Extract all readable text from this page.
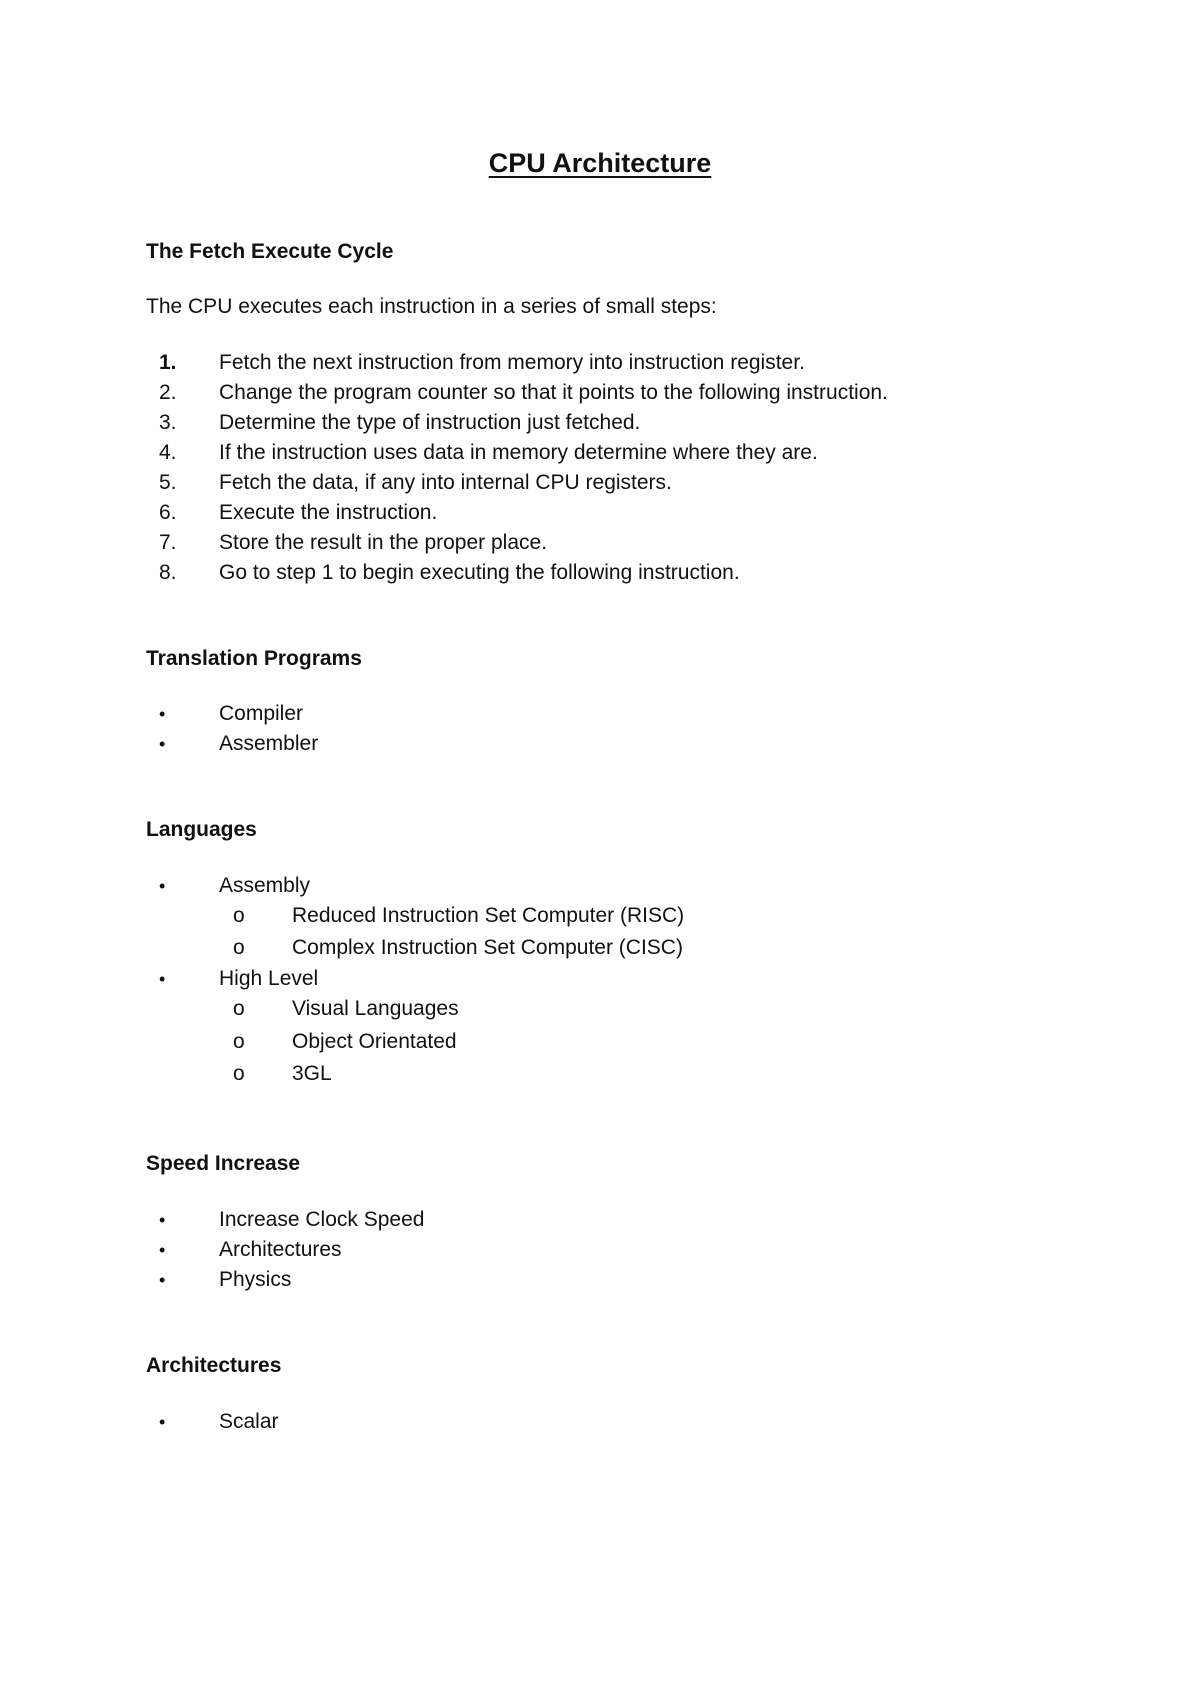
CPU Architecture
The Fetch Execute Cycle
The CPU executes each instruction in a series of small steps:
1. Fetch the next instruction from memory into instruction register.
2. Change the program counter so that it points to the following instruction.
3. Determine the type of instruction just fetched.
4. If the instruction uses data in memory determine where they are.
5. Fetch the data, if any into internal CPU registers.
6. Execute the instruction.
7. Store the result in the proper place.
8. Go to step 1 to begin executing the following instruction.
Translation Programs
•	Compiler
•	Assembler
Languages
•	Assembly
o Reduced Instruction Set Computer (RISC)
o Complex Instruction Set Computer (CISC)
•	High Level
o Visual Languages
o Object Orientated
o 3GL
Speed Increase
•	Increase Clock Speed
•	Architectures
•	Physics
Architectures
•	Scalar
